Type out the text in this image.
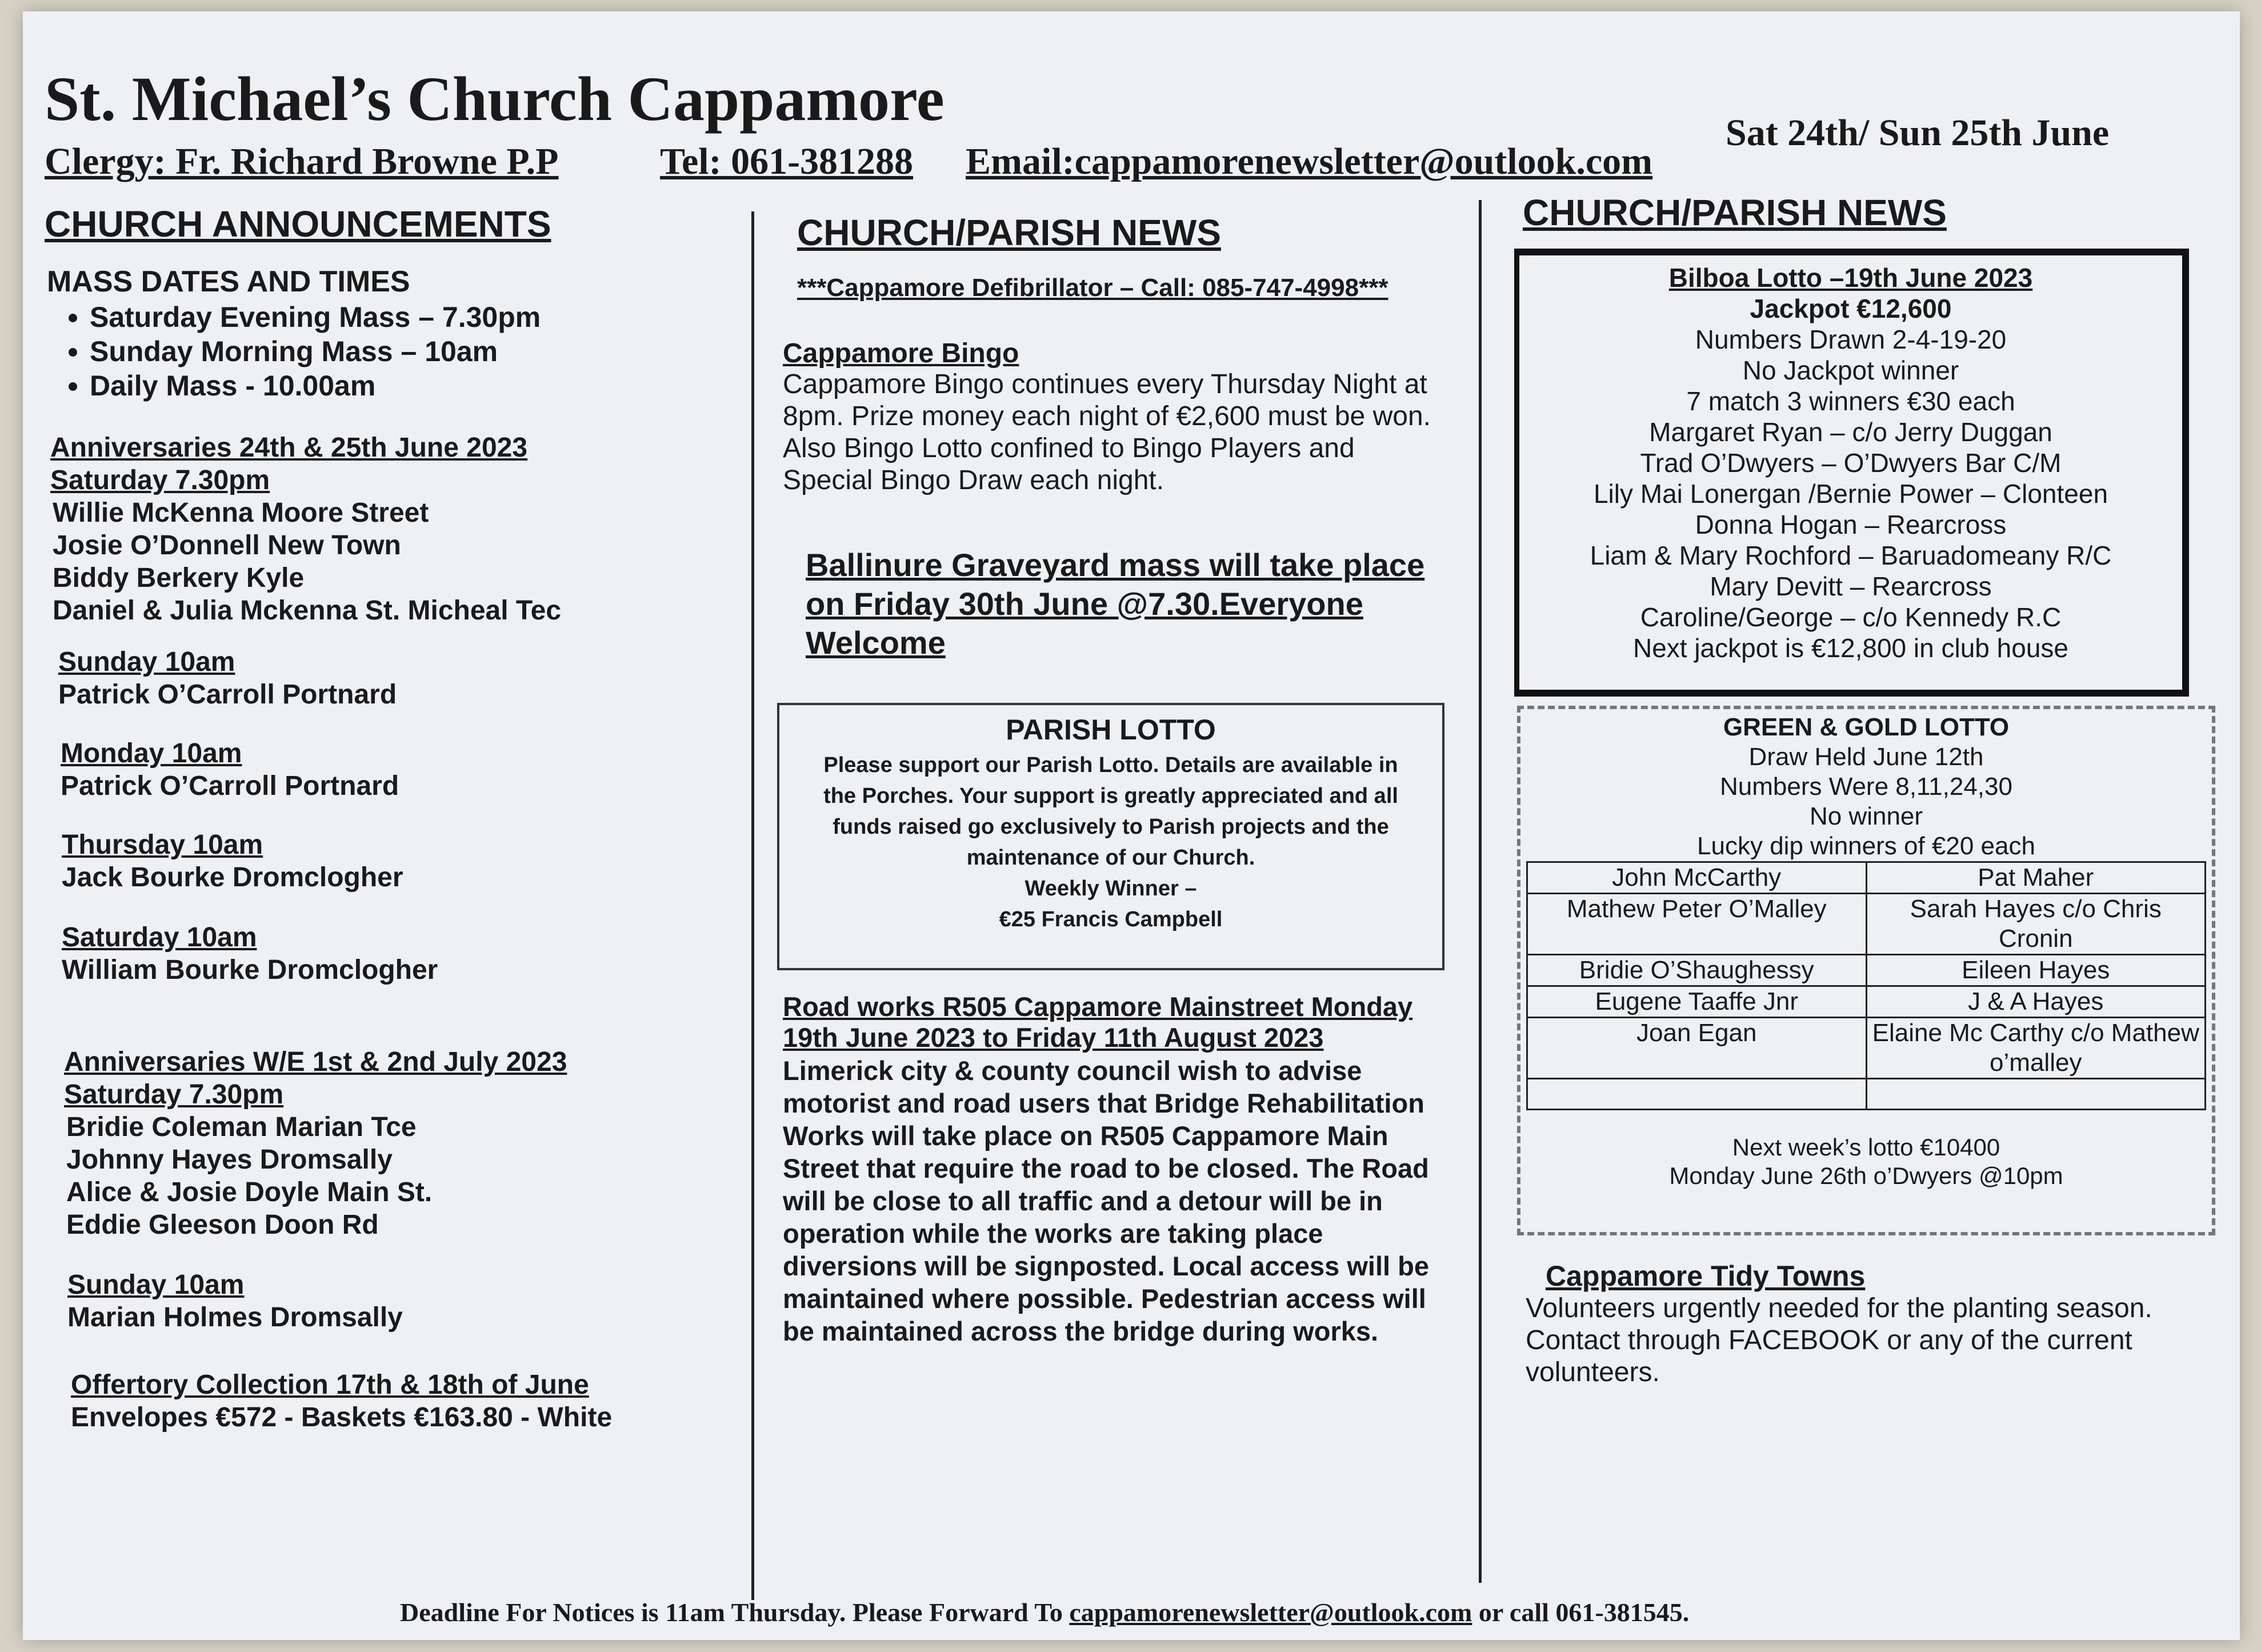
St. Michael’s Church Cappamore
Clergy: Fr. Richard Browne P.P	Tel: 061-381288 Email:cappamorenewsletter@outlook.com
Sat 24th/ Sun 25th June
CHURCH ANNOUNCEMENTS
MASS DATES AND TIMES
• Saturday Evening Mass – 7.30pm
• Sunday Morning Mass – 10am
• Daily Mass - 10.00am
Anniversaries 24th & 25th June 2023
Saturday 7.30pm
Willie McKenna Moore Street
Josie O’Donnell New Town
Biddy Berkery Kyle
Daniel & Julia Mckenna St. Micheal Tec
Sunday 10am
Patrick O’Carroll Portnard
Monday 10am
Patrick O’Carroll Portnard
Thursday 10am
Jack Bourke Dromclogher
Saturday 10am
William Bourke Dromclogher
Anniversaries W/E 1st & 2nd July 2023
Saturday 7.30pm
Bridie Coleman Marian Tce
Johnny Hayes Dromsally
Alice & Josie Doyle Main St.
Eddie Gleeson Doon Rd
Sunday 10am
Marian Holmes Dromsally
Offertory Collection 17th & 18th of June
Envelopes €572 - Baskets €163.80 - White
CHURCH/PARISH NEWS
***Cappamore Defibrillator – Call: 085-747-4998***
Cappamore Bingo
Cappamore Bingo continues every Thursday Night at
8pm. Prize money each night of €2,600 must be won.
Also Bingo Lotto confined to Bingo Players and
Special Bingo Draw each night.
Ballinure Graveyard mass will take place
on Friday 30th June @7.30.Everyone
Welcome
PARISH LOTTO
Please support our Parish Lotto. Details are available in
the Porches. Your support is greatly appreciated and all
funds raised go exclusively to Parish projects and the
maintenance of our Church.
Weekly Winner –
€25 Francis Campbell
Road works R505 Cappamore Mainstreet Monday
19th June 2023 to Friday 11th August 2023
Limerick city & county council wish to advise
motorist and road users that Bridge Rehabilitation
Works will take place on R505 Cappamore Main
Street that require the road to be closed. The Road
will be close to all traffic and a detour will be in
operation while the works are taking place
diversions will be signposted. Local access will be
maintained where possible. Pedestrian access will
be maintained across the bridge during works.
CHURCH/PARISH NEWS
Bilboa Lotto –19th June 2023
Jackpot €12,600
Numbers Drawn 2-4-19-20
No Jackpot winner
7 match 3 winners €30 each
Margaret Ryan – c/o Jerry Duggan
Trad O’Dwyers – O’Dwyers Bar C/M
Lily Mai Lonergan /Bernie Power – Clonteen
Donna Hogan – Rearcross
Liam & Mary Rochford – Baruadomeany R/C
Mary Devitt – Rearcross
Caroline/George – c/o Kennedy R.C
Next jackpot is €12,800 in club house
GREEN & GOLD LOTTO
Draw Held June 12th
Numbers Were 8,11,24,30
No winner
Lucky dip winners of €20 each
John McCarthy	Pat Maher
Mathew Peter O’Malley	Sarah Hayes c/o Chris Cronin
Bridie O’Shaughessy	Eileen Hayes
Eugene Taaffe Jnr	J & A Hayes
Joan Egan	Elaine Mc Carthy c/o Mathew o’malley

Next week’s lotto €10400
Monday June 26th o’Dwyers @10pm
Cappamore Tidy Towns
Volunteers urgently needed for the planting season.
Contact through FACEBOOK or any of the current
volunteers.
Deadline For Notices is 11am Thursday. Please Forward To cappamorenewsletter@outlook.com or call 061-381545.
